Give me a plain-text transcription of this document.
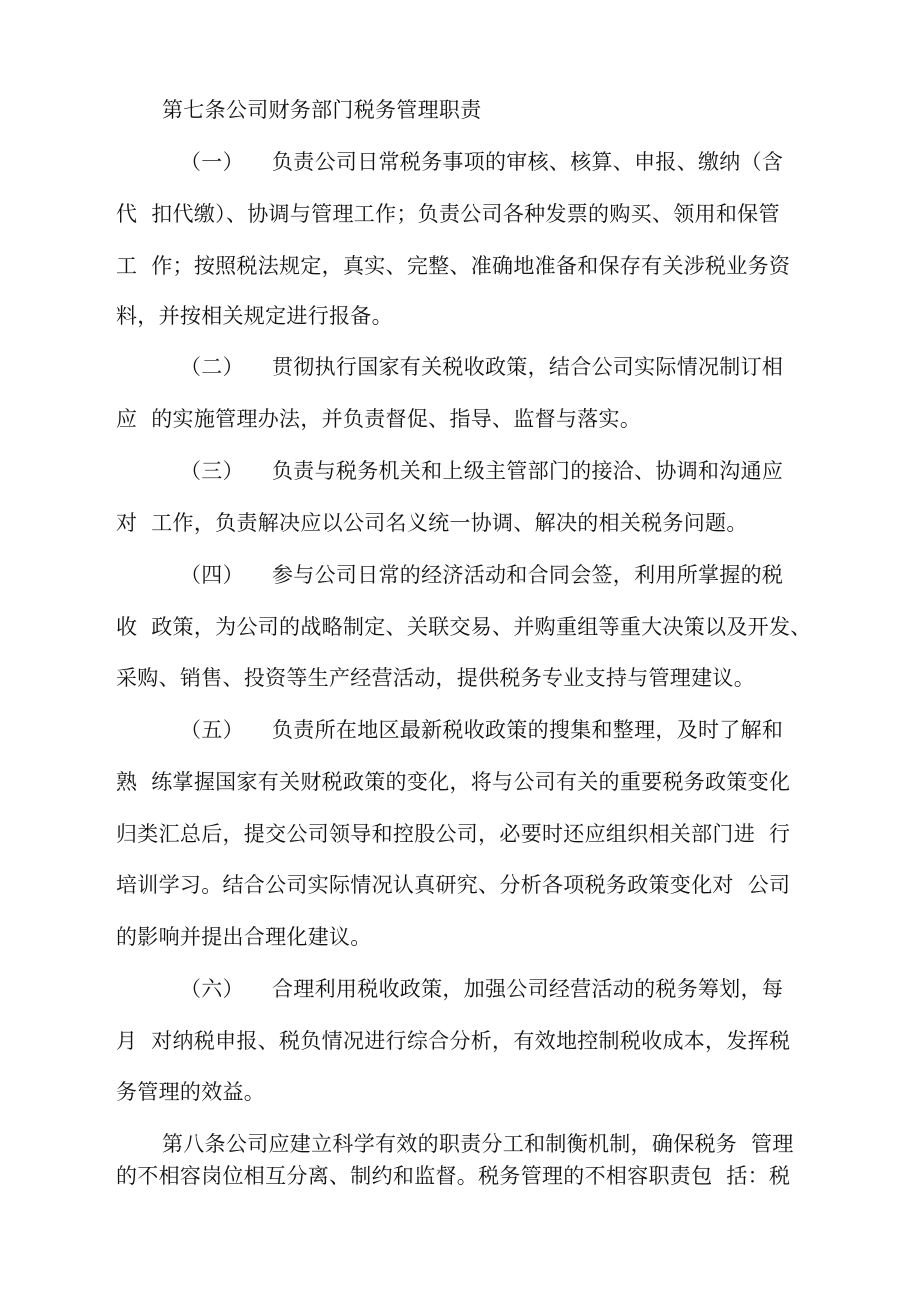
第七条公司财务部门税务管理职责
（一） 负责公司日常税务事项的审核、核算、申报、缴纳（含
代  扣代缴）、协调与管理工作；负责公司各种发票的购买、领用和保管
工  作；按照税法规定，真实、完整、准确地准备和保存有关涉税业务资
料，并按相关规定进行报备。
（二） 贯彻执行国家有关税收政策，结合公司实际情况制订相
应  的实施管理办法，并负责督促、指导、监督与落实。
（三） 负责与税务机关和上级主管部门的接洽、协调和沟通应
对  工作，负责解决应以公司名义统一协调、解决的相关税务问题。
（四） 参与公司日常的经济活动和合同会签，利用所掌握的税
收  政策，为公司的战略制定、关联交易、并购重组等重大决策以及开发、
采购、销售、投资等生产经营活动，提供税务专业支持与管理建议。
（五） 负责所在地区最新税收政策的搜集和整理，及时了解和
熟  练掌握国家有关财税政策的变化，将与公司有关的重要税务政策变化
归类汇总后，提交公司领导和控股公司，必要时还应组织相关部门进  行
培训学习。结合公司实际情况认真研究、分析各项税务政策变化对  公司
的影响并提出合理化建议。
（六） 合理利用税收政策，加强公司经营活动的税务筹划，每
月  对纳税申报、税负情况进行综合分析，有效地控制税收成本，发挥税
务管理的效益。
第八条公司应建立科学有效的职责分工和制衡机制，确保税务  管理
的不相容岗位相互分离、制约和监督。税务管理的不相容职责包  括：税
